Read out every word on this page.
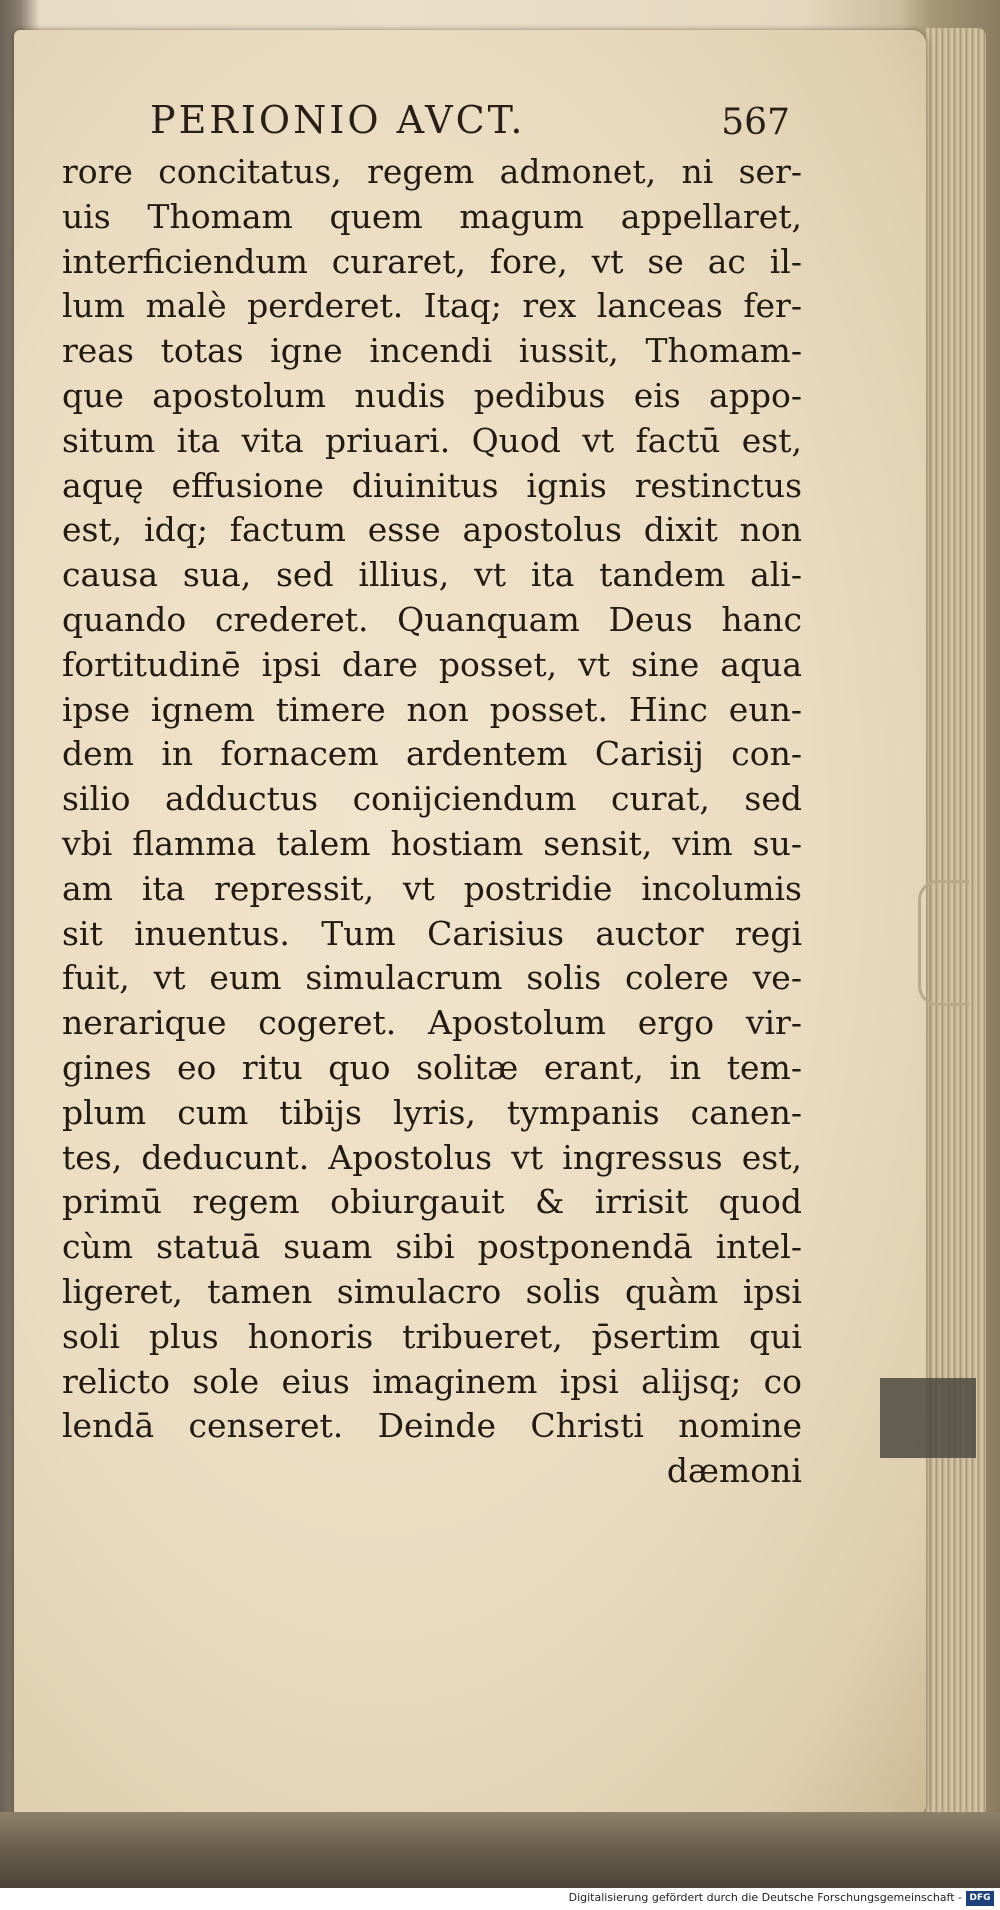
PERIONIO AVCT.	567
rore concitatus, regem admonet, ni ser-
uis Thomam quem magum appellaret,
interficiendum curaret, fore, vt se ac il-
lum malè perderet. Itaq; rex lanceas fer-
reas totas igne incendi iussit, Thomam-
que apostolum nudis pedibus eis appo-
situm ita vita priuari. Quod vt factū est,
aquę effusione diuinitus ignis restinctus
est, idq; factum esse apostolus dixit non
causa sua, sed illius, vt ita tandem ali-
quando crederet. Quanquam Deus hanc
fortitudinē ipsi dare posset, vt sine aqua
ipse ignem timere non posset. Hinc eun-
dem in fornacem ardentem Carisij con-
silio adductus conijciendum curat, sed
vbi flamma talem hostiam sensit, vim su-
am ita repressit, vt postridie incolumis
sit inuentus. Tum Carisius auctor regi
fuit, vt eum simulacrum solis colere ve-
nerarique cogeret. Apostolum ergo vir-
gines eo ritu quo solitæ erant, in tem-
plum cum tibijs lyris, tympanis canen-
tes, deducunt. Apostolus vt ingressus est,
primū regem obiurgauit & irrisit quod
cùm statuā suam sibi postponendā intel-
ligeret, tamen simulacro solis quàm ipsi
soli plus honoris tribueret, p̄sertim qui
relicto sole eius imaginem ipsi alijsq; co
lendā censeret. Deinde Christi nomine
dæmoni
Digitalisierung gefördert durch die Deutsche Forschungsgemeinschaft - DFG
